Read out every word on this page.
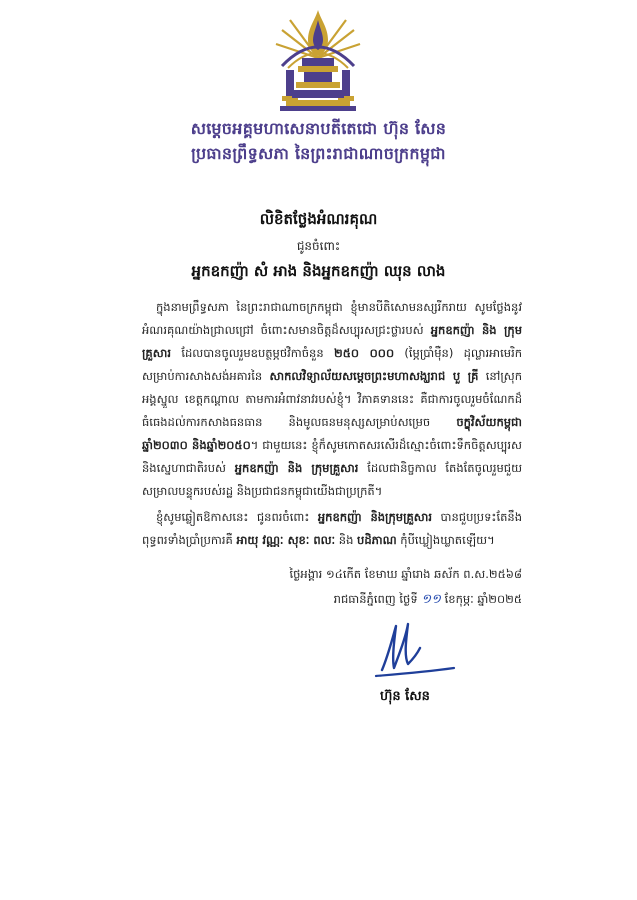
សម្តេចអគ្គមហាសេនាបតីតេជោ ហ៊ុន សែន
ប្រធានព្រឹទ្ធសភា នៃព្រះរាជាណាចក្រកម្ពុជា
លិខិតថ្លែងអំណរគុណ
ជូនចំពោះ
អ្នកឧកញ៉ា សំ អាង និងអ្នកឧកញ៉ា ឈុន លាង
ក្នុងនាមព្រឹទ្ធសភា នៃព្រះរាជាណាចក្រកម្ពុជា ខ្ញុំមានបីតិសោមនស្សរីករាយ សូមថ្លែងនូវអំណរគុណយ៉ាងជ្រាលជ្រៅ ចំពោះសមានចិត្តដ៏សប្បុរសជ្រះថ្លារបស់ អ្នកឧកញ៉ា និង ក្រុមគ្រួសារ ដែលបានចូលរួមឧបត្ថម្ភថវិកាចំនួន ២៥០ ០០០ (ម្ភៃប្រាំម៉ឺន) ដុល្លារអាមេរិក សម្រាប់ការសាងសង់អគារនៃ សាកលវិទ្យាល័យសម្តេចព្រះមហាសង្ឃរាជ បួ គ្រី នៅស្រុកអង្គស្នួល ខេត្តកណ្តាល តាមការអំពាវនាវរបស់ខ្ញុំ។ វិភាគទាននេះ គឺជាការចូលរួមចំណែកដ៏ធំធេងដល់ការកសាងធនធាន និងមូលធនមនុស្សសម្រាប់សម្រេច ចក្ខុវិស័យកម្ពុជាឆ្នាំ២០៣០ និងឆ្នាំ២០៥០។ ជាមួយនេះ ខ្ញុំក៏សូមកោតសរសើរដ៏ស្មោះចំពោះទឹកចិត្តសប្បុរស និងស្នេហាជាតិរបស់ អ្នកឧកញ៉ា និង ក្រុមគ្រួសារ ដែលជានិច្ចកាល តែងតែចូលរួមជួយសម្រាលបន្ទុករបស់រដ្ឋ និងប្រជាជនកម្ពុជាយើងជាប្រក្រតី។
ខ្ញុំសូមឆ្លៀតឱកាសនេះ ជូនពរចំពោះ អ្នកឧកញ៉ា និងក្រុមគ្រួសារ បានជួបប្រទះតែនឹងពុទ្ធពរទាំងប្រាំប្រការគឺ អាយុ វណ្ណៈ សុខៈ ពលៈ និង បដិភាណ កុំបីឃ្លៀងឃ្លាតឡើយ។
ថ្ងៃអង្គារ ១៤កើត ខែមាឃ ឆ្នាំរោង ឆស័ក ព.ស.២៥៦៨
រាជធានីភ្នំពេញ ថ្ងៃទី ១១ ខែកុម្ភៈ ឆ្នាំ២០២៥
ហ៊ុន សែន
